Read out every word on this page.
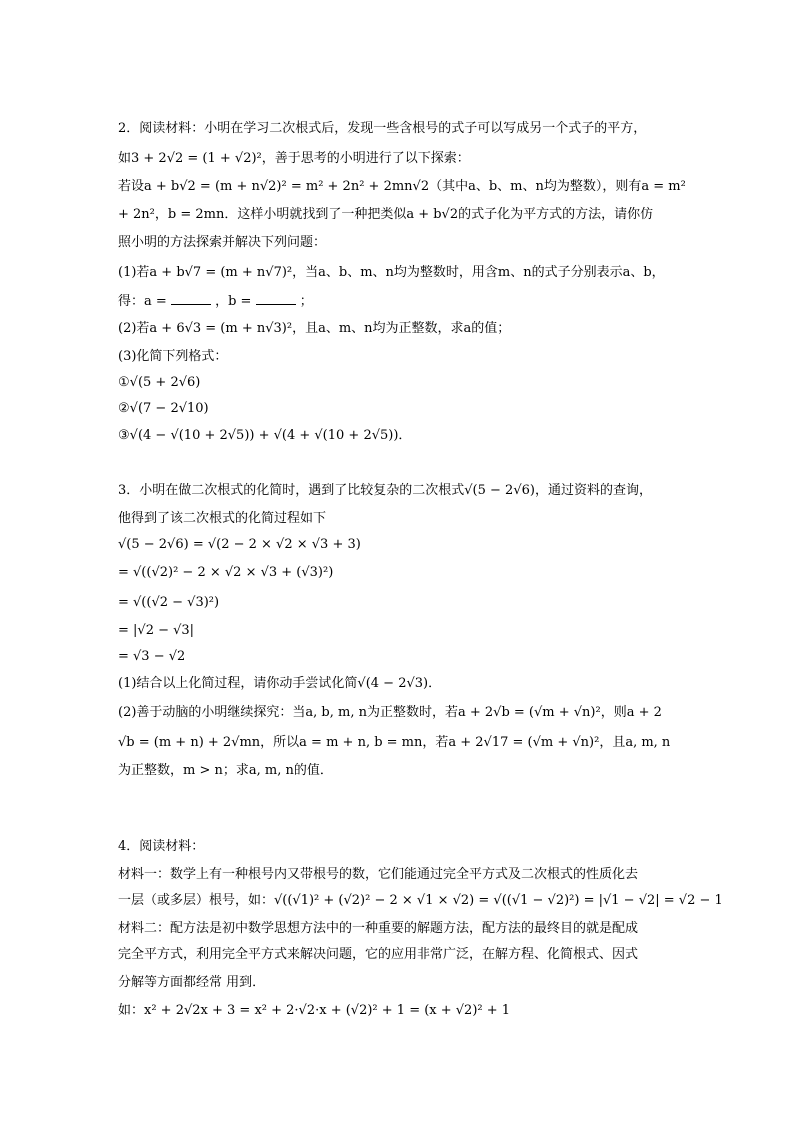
2．阅读材料：小明在学习二次根式后，发现一些含根号的式子可以写成另一个式子的平方，
如3 + 2√2 = (1 + √2)²，善于思考的小明进行了以下探索：
若设a + b√2 = (m + n√2)² = m² + 2n² + 2mn√2（其中a、b、m、n均为整数），则有a = m²
+ 2n²，b = 2mn．这样小明就找到了一种把类似a + b√2的式子化为平方式的方法，请你仿
照小明的方法探索并解决下列问题：
(1)若a + b√7 = (m + n√7)²，当a、b、m、n均为整数时，用含m、n的式子分别表示a、b，
得：a =	，b =	；
(2)若a + 6√3 = (m + n√3)²，且a、m、n均为正整数，求a的值；
(3)化简下列格式：
①√(5 + 2√6)
②√(7 − 2√10)
③√(4 − √(10 + 2√5)) + √(4 + √(10 + 2√5))．
3．小明在做二次根式的化简时，遇到了比较复杂的二次根式√(5 − 2√6)，通过资料的查询，
他得到了该二次根式的化简过程如下
√(5 − 2√6) = √(2 − 2 × √2 × √3 + 3)
= √((√2)² − 2 × √2 × √3 + (√3)²)
= √((√2 − √3)²)
= |√2 − √3|
= √3 − √2
(1)结合以上化简过程，请你动手尝试化简√(4 − 2√3)．
(2)善于动脑的小明继续探究：当a, b, m, n为正整数时，若a + 2√b = (√m + √n)²，则a + 2
√b = (m + n) + 2√mn，所以a = m + n, b = mn，若a + 2√17 = (√m + √n)²，且a, m, n
为正整数，m > n；求a, m, n的值．
4．阅读材料：
材料一：数学上有一种根号内又带根号的数，它们能通过完全平方式及二次根式的性质化去
一层（或多层）根号，如：√((√1)² + (√2)² − 2 × √1 × √2) = √((√1 − √2)²) = |√1 − √2| = √2 − 1
材料二：配方法是初中数学思想方法中的一种重要的解题方法，配方法的最终目的就是配成
完全平方式，利用完全平方式来解决问题，它的应用非常广泛，在解方程、化简根式、因式
分解等方面都经常 用到．
如：x² + 2√2x + 3 = x² + 2·√2·x + (√2)² + 1 = (x + √2)² + 1
